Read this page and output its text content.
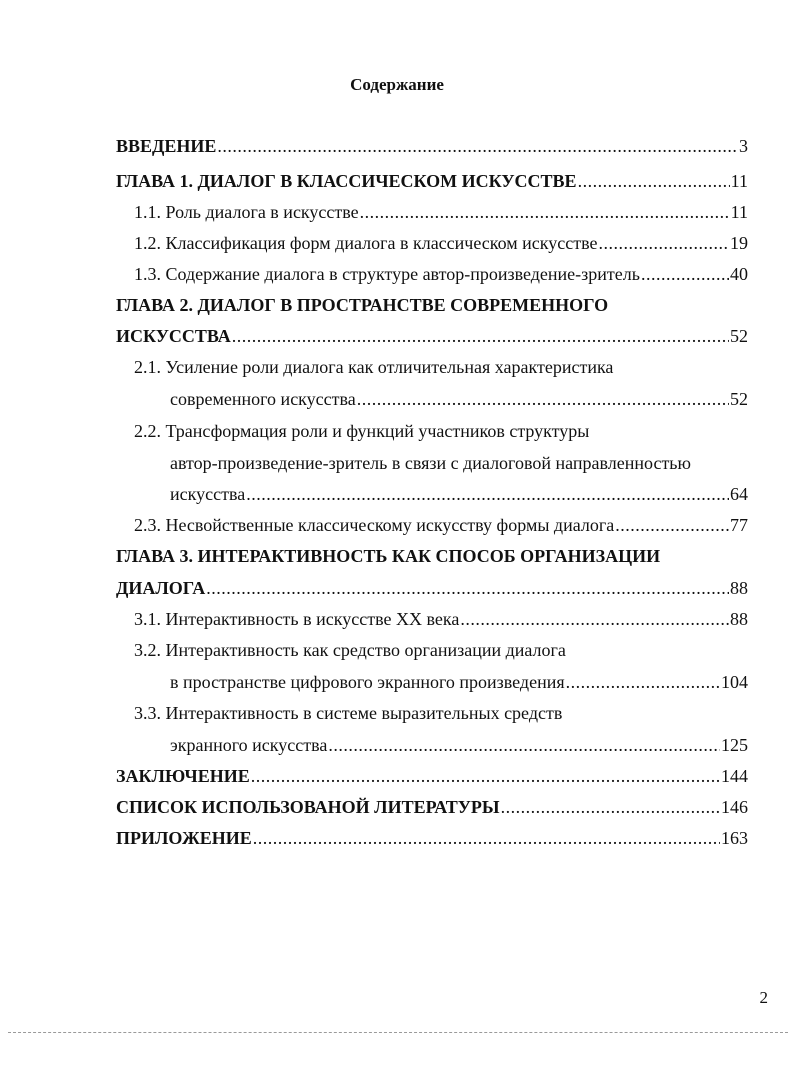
Содержание
ВВЕДЕНИЕ .....	3
ГЛАВА 1. ДИАЛОГ В КЛАССИЧЕСКОМ ИСКУССТВЕ .....	11
1.1. Роль диалога в искусстве .....	11
1.2. Классификация форм диалога в классическом искусстве .....	19
1.3. Содержание диалога в структуре автор-произведение-зритель .....	40
ГЛАВА 2. ДИАЛОГ В ПРОСТРАНСТВЕ СОВРЕМЕННОГО
ИСКУССТВА .....	52
2.1. Усиление роли диалога как отличительная характеристика
современного искусства .....	52
2.2. Трансформация роли и функций участников структуры
автор-произведение-зритель в связи с диалоговой направленностью
искусства .....	64
2.3. Несвойственные классическому искусству формы диалога .....	77
ГЛАВА 3. ИНТЕРАКТИВНОСТЬ КАК СПОСОБ ОРГАНИЗАЦИИ
ДИАЛОГА .....	88
3.1. Интерактивность в искусстве XX века .....	88
3.2. Интерактивность как средство организации диалога
в пространстве цифрового экранного произведения .....	104
3.3. Интерактивность в системе выразительных средств
экранного искусства .....	125
ЗАКЛЮЧЕНИЕ .....	144
СПИСОК ИСПОЛЬЗОВАНОЙ ЛИТЕРАТУРЫ .....	146
ПРИЛОЖЕНИЕ .....	163
2
